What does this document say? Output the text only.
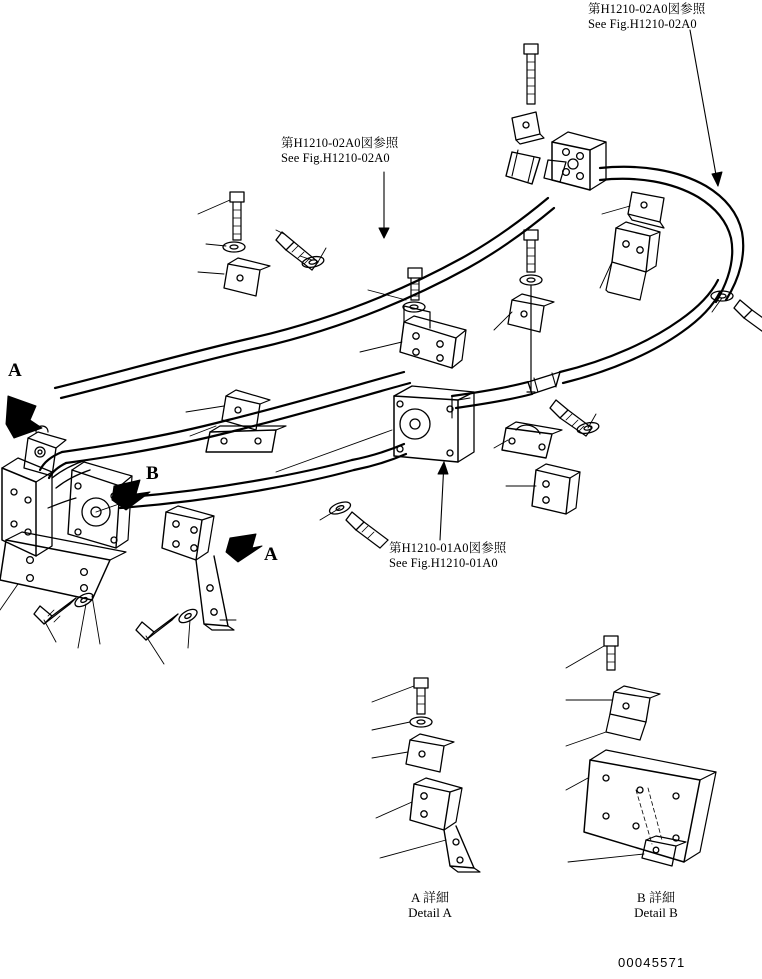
第H1210-02A0図参照
See Fig.H1210-02A0
第H1210-02A0図参照
See Fig.H1210-02A0
第H1210-01A0図参照
See Fig.H1210-01A0
A
B
A
A 詳細
Detail A
B 詳細
Detail B
00045571
